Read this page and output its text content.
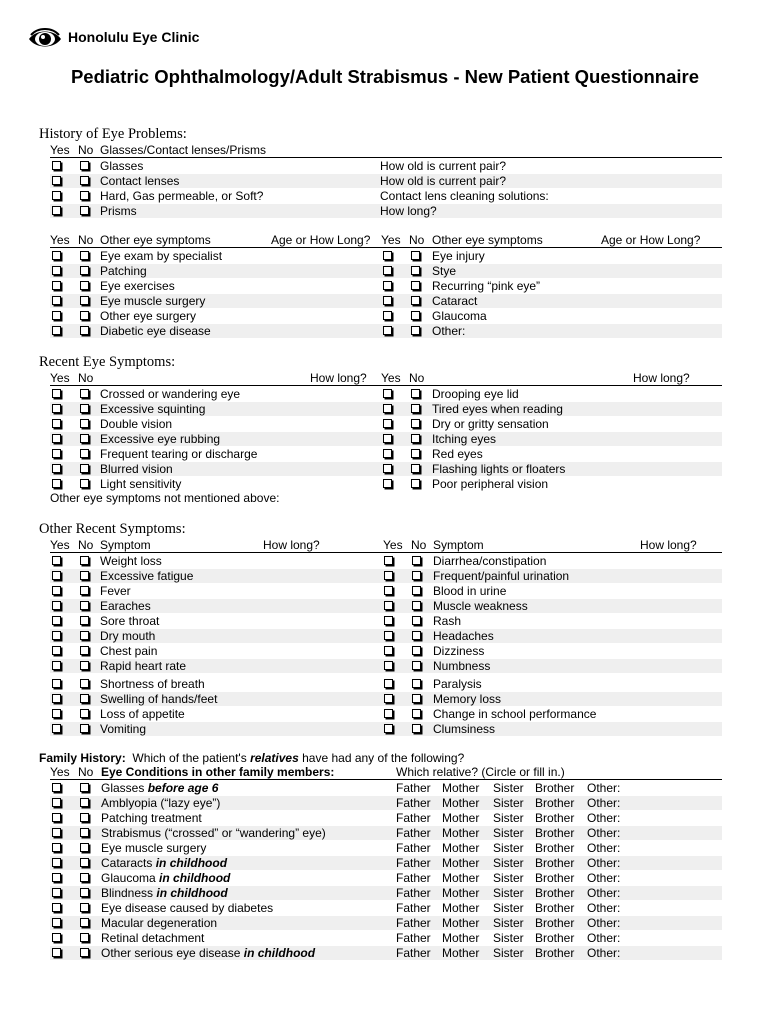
Honolulu Eye Clinic
Pediatric Ophthalmology/Adult Strabismus - New Patient Questionnaire
History of Eye Problems:
Yes No Glasses/Contact lenses/Prisms
Glasses	How old is current pair?
Contact lenses	How old is current pair?
Hard, Gas permeable, or Soft?	Contact lens cleaning solutions:
Prisms	How long?
Yes No Other eye symptoms	Age or How Long? Yes No Other eye symptoms	Age or How Long?
Eye exam by specialist	Eye injury
Patching	Stye
Eye exercises	Recurring “pink eye”
Eye muscle surgery	Cataract
Other eye surgery	Glaucoma
Diabetic eye disease	Other:
Recent Eye Symptoms:
Yes No	How long? Yes No	How long?
Crossed or wandering eye	Drooping eye lid
Excessive squinting	Tired eyes when reading
Double vision	Dry or gritty sensation
Excessive eye rubbing	Itching eyes
Frequent tearing or discharge	Red eyes
Blurred vision	Flashing lights or floaters
Light sensitivity	Poor peripheral vision
Other eye symptoms not mentioned above:
Other Recent Symptoms:
Yes No Symptom	How long?	Yes No Symptom	How long?
Weight loss	Diarrhea/constipation
Excessive fatigue	Frequent/painful urination
Fever	Blood in urine
Earaches	Muscle weakness
Sore throat	Rash
Dry mouth	Headaches
Chest pain	Dizziness
Rapid heart rate	Numbness
Shortness of breath	Paralysis
Swelling of hands/feet	Memory loss
Loss of appetite	Change in school performance
Vomiting	Clumsiness
Family History: Which of the patient's relatives have had any of the following?
Yes No Eye Conditions in other family members:	Which relative? (Circle or fill in.)
Glasses before age 6	Father Mother Sister Brother Other:
Amblyopia (“lazy eye”)	Father Mother Sister Brother Other:
Patching treatment	Father Mother Sister Brother Other:
Strabismus (“crossed” or “wandering” eye)	Father Mother Sister Brother Other:
Eye muscle surgery	Father Mother Sister Brother Other:
Cataracts in childhood	Father Mother Sister Brother Other:
Glaucoma in childhood	Father Mother Sister Brother Other:
Blindness in childhood	Father Mother Sister Brother Other:
Eye disease caused by diabetes	Father Mother Sister Brother Other:
Macular degeneration	Father Mother Sister Brother Other:
Retinal detachment	Father Mother Sister Brother Other:
Other serious eye disease in childhood	Father Mother Sister Brother Other:
